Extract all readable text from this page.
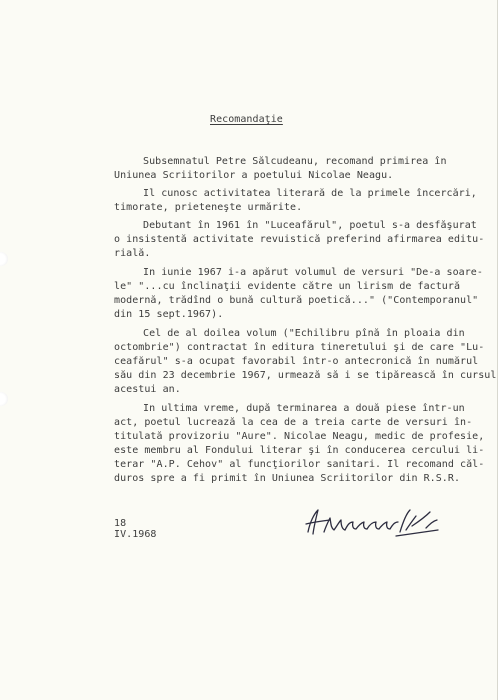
Recomandaţie
Subsemnatul Petre Sălcudeanu, recomand primirea în
Uniunea Scriitorilor a poetului Nicolae Neagu.
Il cunosc activitatea literară de la primele încercări,
timorate, prieteneşte urmărite.
Debutant în 1961 în "Luceafărul", poetul s-a desfăşurat
o insistentă activitate revuistică preferind afirmarea editu-
rială.
In iunie 1967 i-a apărut volumul de versuri "De-a soare-
le" "...cu înclinaţii evidente către un lirism de factură
modernă, trădînd o bună cultură poetică..." ("Contemporanul"
din 15 sept.1967).
Cel de al doilea volum ("Echilibru pînă în ploaia din
octombrie") contractat în editura tineretului şi de care "Lu-
ceafărul" s-a ocupat favorabil într-o antecronică în numărul
său din 23 decembrie 1967, urmează să i se tipărească în cursul
acestui an.
In ultima vreme, după terminarea a două piese într-un
act, poetul lucrează la cea de a treia carte de versuri în-
titulată provizoriu "Aure". Nicolae Neagu, medic de profesie,
este membru al Fondului literar şi în conducerea cercului li-
terar "A.P. Cehov" al funcţiorilor sanitari. Il recomand căl-
duros spre a fi primit în Uniunea Scriitorilor din R.S.R.
18 IV.1968
